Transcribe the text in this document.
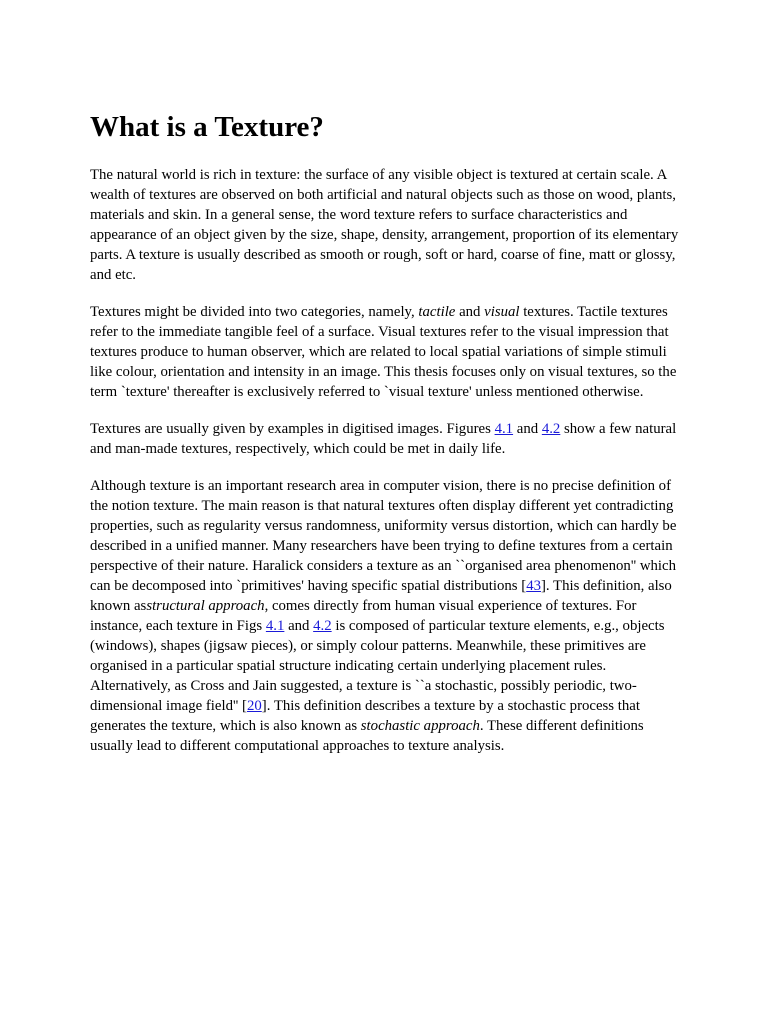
What is a Texture?

The natural world is rich in texture: the surface of any visible object is textured at certain scale. A wealth of textures are observed on both artificial and natural objects such as those on wood, plants, materials and skin. In a general sense, the word texture refers to surface characteristics and appearance of an object given by the size, shape, density, arrangement, proportion of its elementary parts. A texture is usually described as smooth or rough, soft or hard, coarse of fine, matt or glossy, and etc.

Textures might be divided into two categories, namely, tactile and visual textures. Tactile textures refer to the immediate tangible feel of a surface. Visual textures refer to the visual impression that textures produce to human observer, which are related to local spatial variations of simple stimuli like colour, orientation and intensity in an image. This thesis focuses only on visual textures, so the term `texture' thereafter is exclusively referred to `visual texture' unless mentioned otherwise.

Textures are usually given by examples in digitised images. Figures 4.1 and 4.2 show a few natural and man-made textures, respectively, which could be met in daily life.

Although texture is an important research area in computer vision, there is no precise definition of the notion texture. The main reason is that natural textures often display different yet contradicting properties, such as regularity versus randomness, uniformity versus distortion, which can hardly be described in a unified manner. Many researchers have been trying to define textures from a certain perspective of their nature. Haralick considers a texture as an ``organised area phenomenon'' which can be decomposed into `primitives' having specific spatial distributions [43]. This definition, also known asstructural approach, comes directly from human visual experience of textures. For instance, each texture in Figs 4.1 and 4.2 is composed of particular texture elements, e.g., objects (windows), shapes (jigsaw pieces), or simply colour patterns. Meanwhile, these primitives are organised in a particular spatial structure indicating certain underlying placement rules. Alternatively, as Cross and Jain suggested, a texture is ``a stochastic, possibly periodic, two-dimensional image field'' [20]. This definition describes a texture by a stochastic process that generates the texture, which is also known as stochastic approach. These different definitions usually lead to different computational approaches to texture analysis.
